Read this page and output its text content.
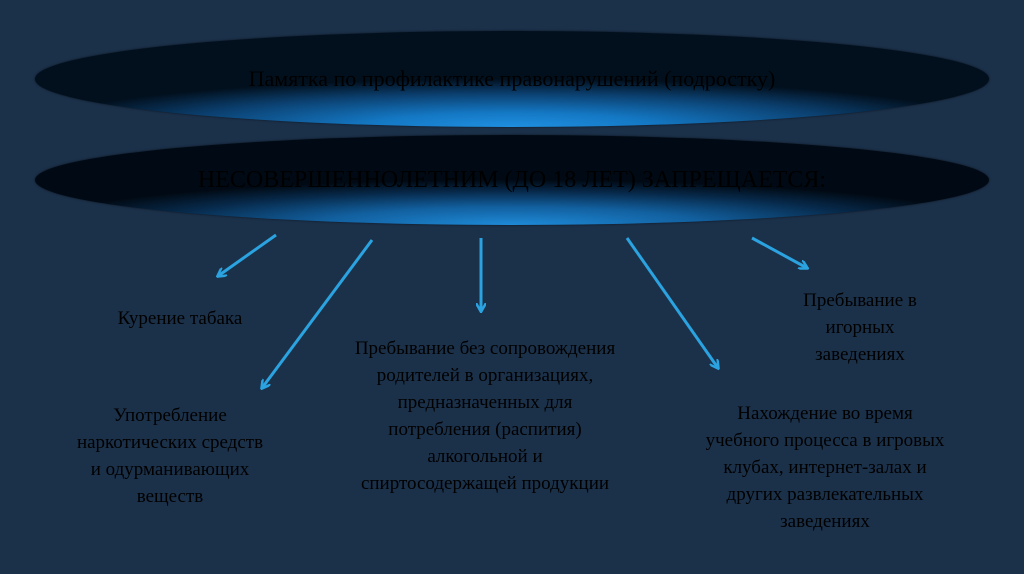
Памятка по профилактике правонарушений (подростку)
НЕСОВЕРШЕННОЛЕТНИМ (ДО 18 ЛЕТ) ЗАПРЕЩАЕТСЯ:
Курение табака
Употребление
наркотических средств
и одурманивающих
веществ
Пребывание без сопровождения
родителей в организациях,
предназначенных для
потребления (распития)
алкогольной и
спиртосодержащей продукции
Пребывание в
игорных
заведениях
Нахождение во время
учебного процесса в игровых
клубах, интернет-залах и
других развлекательных
заведениях
